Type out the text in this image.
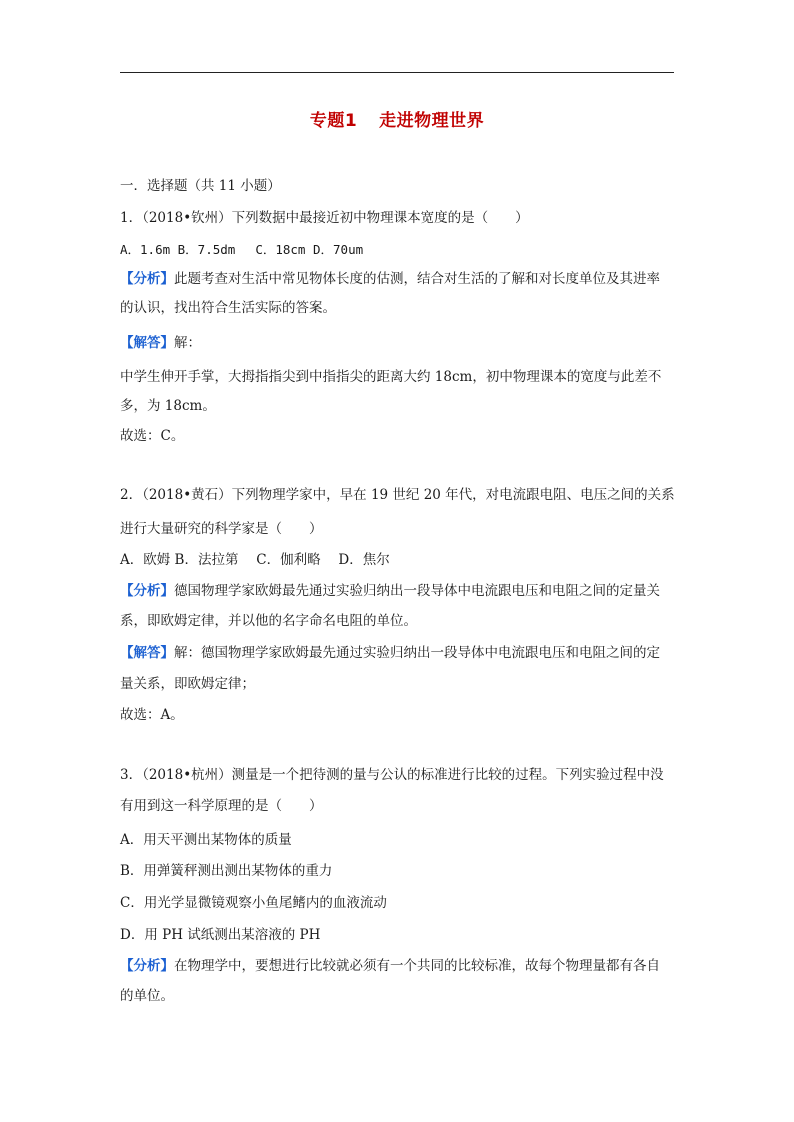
专题1 走进物理世界
一．选择题（共 11 小题）
1．（2018•钦州）下列数据中最接近初中物理课本宽度的是（　　）
A．1.6m B．7.5dm　 C．18cm D．70um
【分析】此题考查对生活中常见物体长度的估测，结合对生活的了解和对长度单位及其进率
的认识，找出符合生活实际的答案。
【解答】解：
中学生伸开手掌，大拇指指尖到中指指尖的距离大约 18cm，初中物理课本的宽度与此差不
多，为 18cm。
故选：C。
2．（2018•黄石）下列物理学家中，早在 19 世纪 20 年代，对电流跟电阻、电压之间的关系
进行大量研究的科学家是（　　）
A．欧姆 B．法拉第　 C．伽利略　 D．焦尔
【分析】德国物理学家欧姆最先通过实验归纳出一段导体中电流跟电压和电阻之间的定量关
系，即欧姆定律，并以他的名字命名电阻的单位。
【解答】解：德国物理学家欧姆最先通过实验归纳出一段导体中电流跟电压和电阻之间的定
量关系，即欧姆定律；
故选：A。
3．（2018•杭州）测量是一个把待测的量与公认的标准进行比较的过程。下列实验过程中没
有用到这一科学原理的是（　　）
A．用天平测出某物体的质量
B．用弹簧秤测出测出某物体的重力
C．用光学显微镜观察小鱼尾鳍内的血液流动
D．用 PH 试纸测出某溶液的 PH
【分析】在物理学中，要想进行比较就必须有一个共同的比较标准，故每个物理量都有各自
的单位。
